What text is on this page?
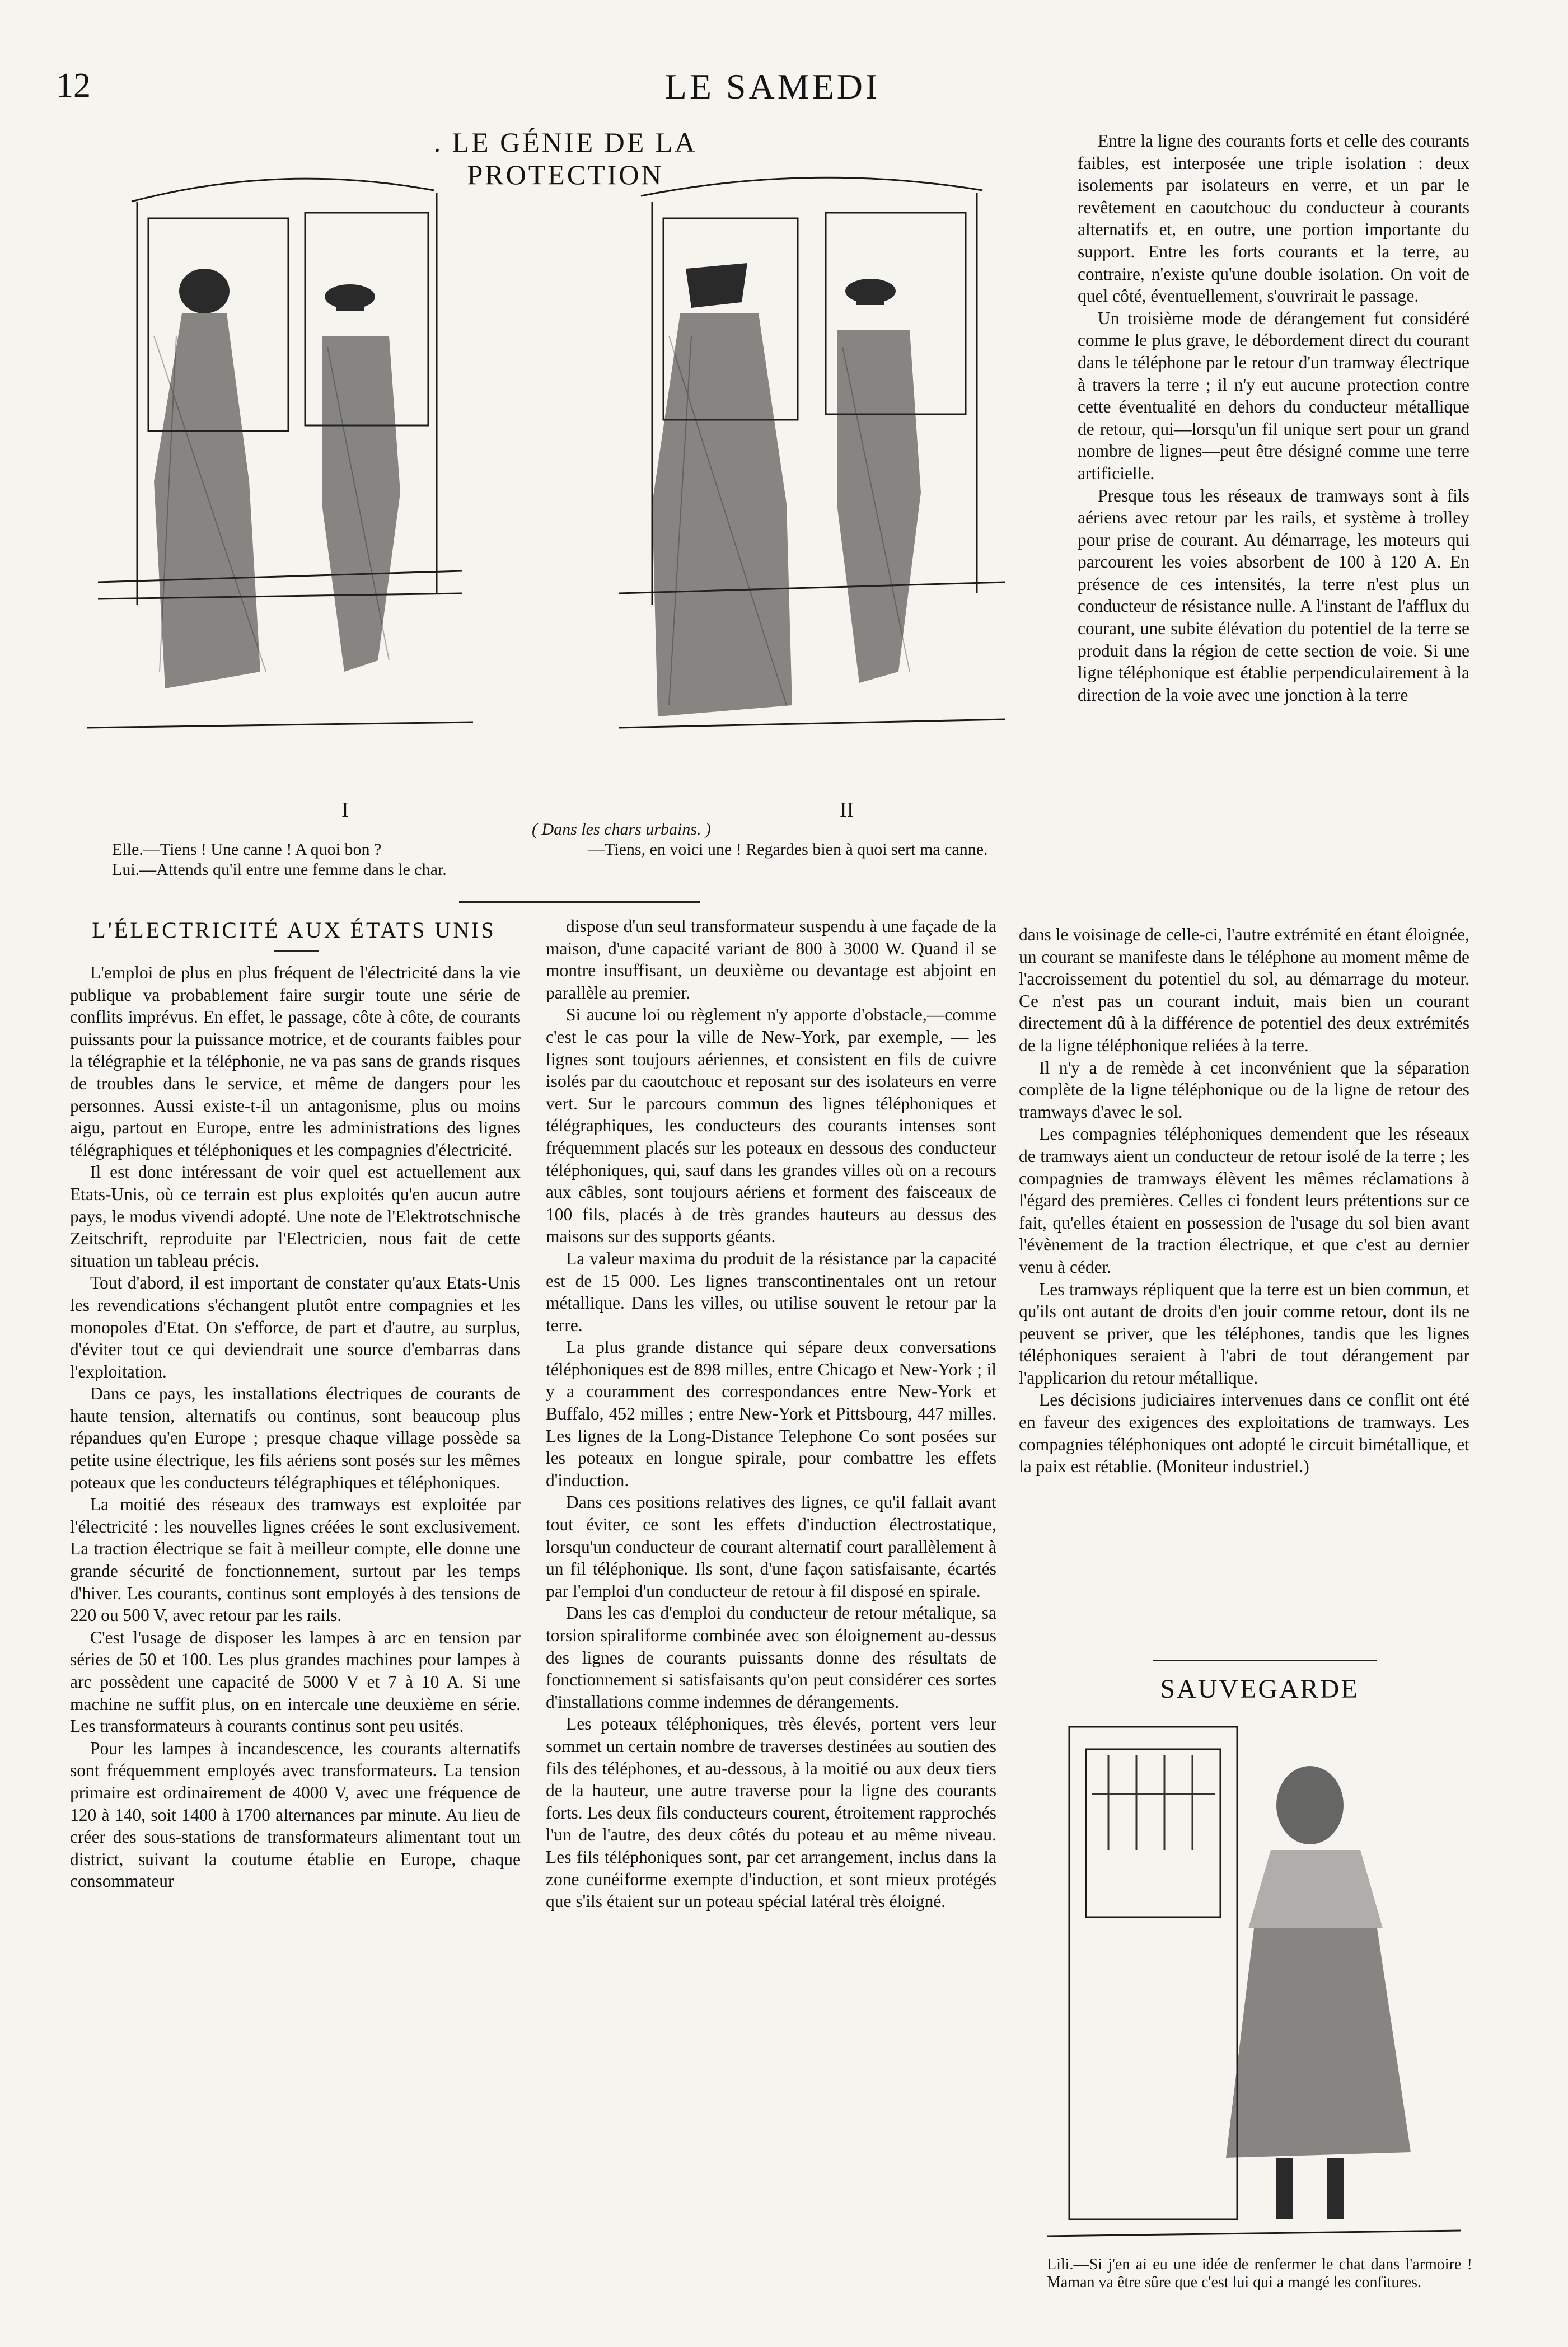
12	LE SAMEDI
. LE GÉNIE DE LA PROTECTION
I	II
( Dans les chars urbains. )
Elle.—Tiens ! Une canne ! A quoi bon ?
Lui.—Attends qu'il entre une femme dans le char.
—Tiens, en voici une ! Regardes bien à quoi sert ma canne.
L'ÉLECTRICITÉ AUX ÉTATS UNIS

L'emploi de plus en plus fréquent de l'électricité dans la vie publique va probablement faire surgir toute une série de conflits imprévus. En effet, le passage, côte à côte, de courants puissants pour la puissance motrice, et de courants faibles pour la télégraphie et la téléphonie, ne va pas sans de grands risques de troubles dans le service, et même de dangers pour les personnes. Aussi existe-t-il un antagonisme, plus ou moins aigu, partout en Europe, entre les administrations des lignes télégraphiques et téléphoniques et les compagnies d'électricité.

Il est donc intéressant de voir quel est actuellement aux Etats-Unis, où ce terrain est plus exploités qu'en aucun autre pays, le modus vivendi adopté. Une note de l'Elektrotschnische Zeitschrift, reproduite par l'Electricien, nous fait de cette situation un tableau précis.

Tout d'abord, il est important de constater qu'aux Etats-Unis les revendications s'échangent plutôt entre compagnies et les monopoles d'Etat. On s'efforce, de part et d'autre, au surplus, d'éviter tout ce qui deviendrait une source d'embarras dans l'exploitation.

Dans ce pays, les installations électriques de courants de haute tension, alternatifs ou continus, sont beaucoup plus répandues qu'en Europe ; presque chaque village possède sa petite usine électrique, les fils aériens sont posés sur les mêmes poteaux que les conducteurs télégraphiques et téléphoniques.

La moitié des réseaux des tramways est exploitée par l'électricité : les nouvelles lignes créées le sont exclusivement. La traction électrique se fait à meilleur compte, elle donne une grande sécurité de fonctionnement, surtout par les temps d'hiver. Les courants, continus sont employés à des tensions de 220 ou 500 V, avec retour par les rails.

C'est l'usage de disposer les lampes à arc en tension par séries de 50 et 100. Les plus grandes machines pour lampes à arc possèdent une capacité de 5000 V et 7 à 10 A. Si une machine ne suffit plus, on en intercale une deuxième en série. Les transformateurs à courants continus sont peu usités.

Pour les lampes à incandescence, les courants alternatifs sont fréquemment employés avec transformateurs. La tension primaire est ordinairement de 4000 V, avec une fréquence de 120 à 140, soit 1400 à 1700 alternances par minute. Au lieu de créer des sous-stations de transformateurs alimentant tout un district, suivant la coutume établie en Europe, chaque consommateur

dispose d'un seul transformateur suspendu à une façade de la maison, d'une capacité variant de 800 à 3000 W. Quand il se montre insuffisant, un deuxième ou devantage est abjoint en parallèle au premier.

Si aucune loi ou règlement n'y apporte d'obstacle,—comme c'est le cas pour la ville de New-York, par exemple, — les lignes sont toujours aériennes, et consistent en fils de cuivre isolés par du caoutchouc et reposant sur des isolateurs en verre vert. Sur le parcours commun des lignes téléphoniques et télégraphiques, les conducteurs des courants intenses sont fréquemment placés sur les poteaux en dessous des conducteur téléphoniques, qui, sauf dans les grandes villes où on a recours aux câbles, sont toujours aériens et forment des faisceaux de 100 fils, placés à de très grandes hauteurs au dessus des maisons sur des supports géants.

La valeur maxima du produit de la résistance par la capacité est de 15 000. Les lignes transcontinentales ont un retour métallique. Dans les villes, ou utilise souvent le retour par la terre.

La plus grande distance qui sépare deux conversations téléphoniques est de 898 milles, entre Chicago et New-York ; il y a couramment des correspondances entre New-York et Buffalo, 452 milles ; entre New-York et Pittsbourg, 447 milles. Les lignes de la Long-Distance Telephone Co sont posées sur les poteaux en longue spirale, pour combattre les effets d'induction.

Dans ces positions relatives des lignes, ce qu'il fallait avant tout éviter, ce sont les effets d'induction électrostatique, lorsqu'un conducteur de courant alternatif court parallèlement à un fil téléphonique. Ils sont, d'une façon satisfaisante, écartés par l'emploi d'un conducteur de retour à fil disposé en spirale.

Dans les cas d'emploi du conducteur de retour métalique, sa torsion spiraliforme combinée avec son éloignement au-dessus des lignes de courants puissants donne des résultats de fonctionnement si satisfaisants qu'on peut considérer ces sortes d'installations comme indemnes de dérangements.

Les poteaux téléphoniques, très élevés, portent vers leur sommet un certain nombre de traverses destinées au soutien des fils des téléphones, et au-dessous, à la moitié ou aux deux tiers de la hauteur, une autre traverse pour la ligne des courants forts. Les deux fils conducteurs courent, étroitement rapprochés l'un de l'autre, des deux côtés du poteau et au même niveau. Les fils téléphoniques sont, par cet arrangement, inclus dans la zone cunéiforme exempte d'induction, et sont mieux protégés que s'ils étaient sur un poteau spécial latéral très éloigné.

Entre la ligne des courants forts et celle des courants faibles, est interposée une triple isolation : deux isolements par isolateurs en verre, et un par le revêtement en caoutchouc du conducteur à courants alternatifs et, en outre, une portion importante du support. Entre les forts courants et la terre, au contraire, n'existe qu'une double isolation. On voit de quel côté, éventuellement, s'ouvrirait le passage.

Un troisième mode de dérangement fut considéré comme le plus grave, le débordement direct du courant dans le téléphone par le retour d'un tramway électrique à travers la terre ; il n'y eut aucune protection contre cette éventualité en dehors du conducteur métallique de retour, qui—lorsqu'un fil unique sert pour un grand nombre de lignes—peut être désigné comme une terre artificielle.

Presque tous les réseaux de tramways sont à fils aériens avec retour par les rails, et système à trolley pour prise de courant. Au démarrage, les moteurs qui parcourent les voies absorbent de 100 à 120 A. En présence de ces intensités, la terre n'est plus un conducteur de résistance nulle. A l'instant de l'afflux du courant, une subite élévation du potentiel de la terre se produit dans la région de cette section de voie. Si une ligne téléphonique est établie perpendiculairement à la direction de la voie avec une jonction à la terre

dans le voisinage de celle-ci, l'autre extrémité en étant éloignée, un courant se manifeste dans le téléphone au moment même de l'accroissement du potentiel du sol, au démarrage du moteur. Ce n'est pas un courant induit, mais bien un courant directement dû à la différence de potentiel des deux extrémités de la ligne téléphonique reliées à la terre.

Il n'y a de remède à cet inconvénient que la séparation complète de la ligne téléphonique ou de la ligne de retour des tramways d'avec le sol.

Les compagnies téléphoniques demendent que les réseaux de tramways aient un conducteur de retour isolé de la terre ; les compagnies de tramways élèvent les mêmes réclamations à l'égard des premières. Celles ci fondent leurs prétentions sur ce fait, qu'elles étaient en possession de l'usage du sol bien avant l'évènement de la traction électrique, et que c'est au dernier venu à céder.

Les tramways répliquent que la terre est un bien commun, et qu'ils ont autant de droits d'en jouir comme retour, dont ils ne peuvent se priver, que les téléphones, tandis que les lignes téléphoniques seraient à l'abri de tout dérangement par l'applicarion du retour métallique.

Les décisions judiciaires intervenues dans ce conflit ont été en faveur des exigences des exploitations de tramways. Les compagnies téléphoniques ont adopté le circuit bimétallique, et la paix est rétablie. (Moniteur industriel.)

SAUVEGARDE
Lili.—Si j'en ai eu une idée de renfermer le chat dans l'armoire ! Maman va être sûre que c'est lui qui a mangé les confitures.
